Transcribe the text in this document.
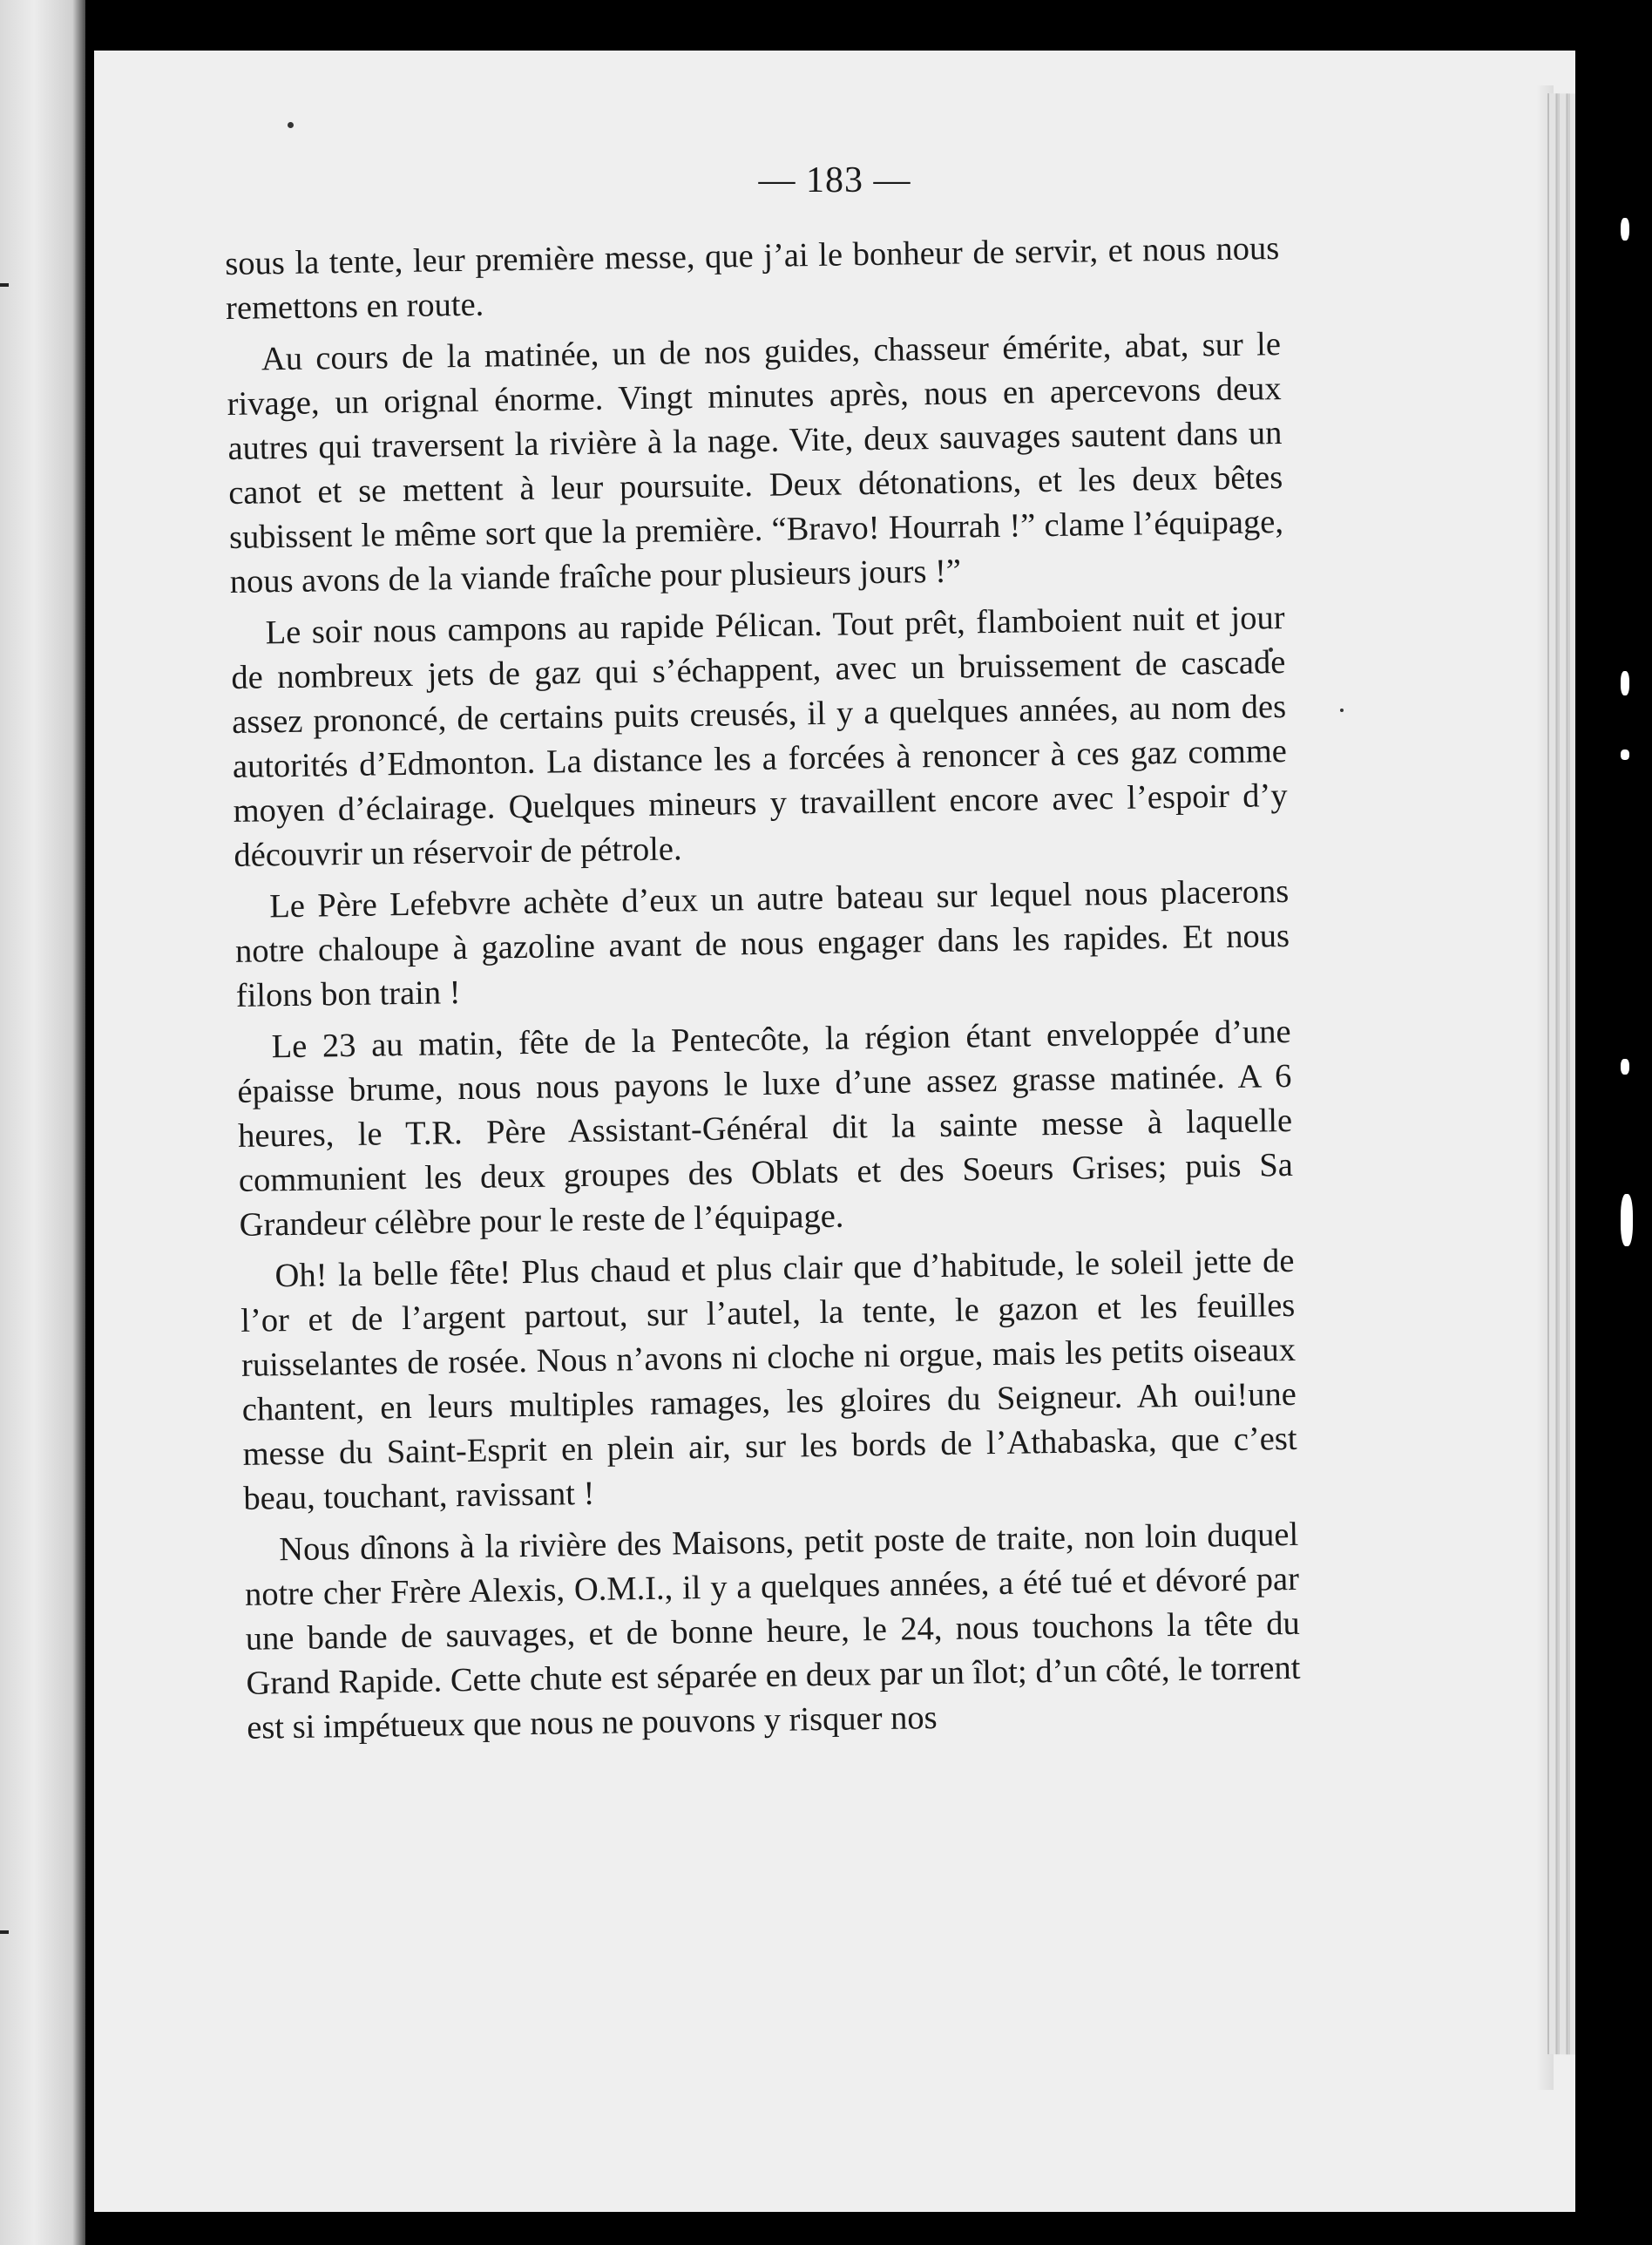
— 183 —

sous la tente, leur première messe, que j’ai le bonheur de servir, et nous nous remettons en route.

Au cours de la matinée, un de nos guides, chasseur émérite, abat, sur le rivage, un orignal énorme. Vingt minutes après, nous en apercevons deux autres qui traversent la rivière à la nage. Vite, deux sauvages sautent dans un canot et se mettent à leur poursuite. Deux détonations, et les deux bêtes subissent le même sort que la première. “Bravo! Hourrah !” clame l’équipage, nous avons de la viande fraîche pour plusieurs jours !”

Le soir nous campons au rapide Pélican. Tout prêt, flamboient nuit et jour de nombreux jets de gaz qui s’échappent, avec un bruissement de cascade assez prononcé, de certains puits creusés, il y a quelques années, au nom des autorités d’Edmonton. La distance les a forcées à renoncer à ces gaz comme moyen d’éclairage. Quelques mineurs y travaillent encore avec l’espoir d’y découvrir un réservoir de pétrole.

Le Père Lefebvre achète d’eux un autre bateau sur lequel nous placerons notre chaloupe à gazoline avant de nous engager dans les rapides. Et nous filons bon train !

Le 23 au matin, fête de la Pentecôte, la région étant enveloppée d’une épaisse brume, nous nous payons le luxe d’une assez grasse matinée. A 6 heures, le T.R. Père Assistant-Général dit la sainte messe à laquelle communient les deux groupes des Oblats et des Soeurs Grises; puis Sa Grandeur célèbre pour le reste de l’équipage.

Oh! la belle fête! Plus chaud et plus clair que d’habitude, le soleil jette de l’or et de l’argent partout, sur l’autel, la tente, le gazon et les feuilles ruisselantes de rosée. Nous n’avons ni cloche ni orgue, mais les petits oiseaux chantent, en leurs multiples ramages, les gloires du Seigneur. Ah oui!une messe du Saint-Esprit en plein air, sur les bords de l’Athabaska, que c’est beau, touchant, ravissant !

Nous dînons à la rivière des Maisons, petit poste de traite, non loin duquel notre cher Frère Alexis, O.M.I., il y a quelques années, a été tué et dévoré par une bande de sauvages, et de bonne heure, le 24, nous touchons la tête du Grand Rapide. Cette chute est séparée en deux par un îlot; d’un côté, le torrent est si impétueux que nous ne pouvons y risquer nos
